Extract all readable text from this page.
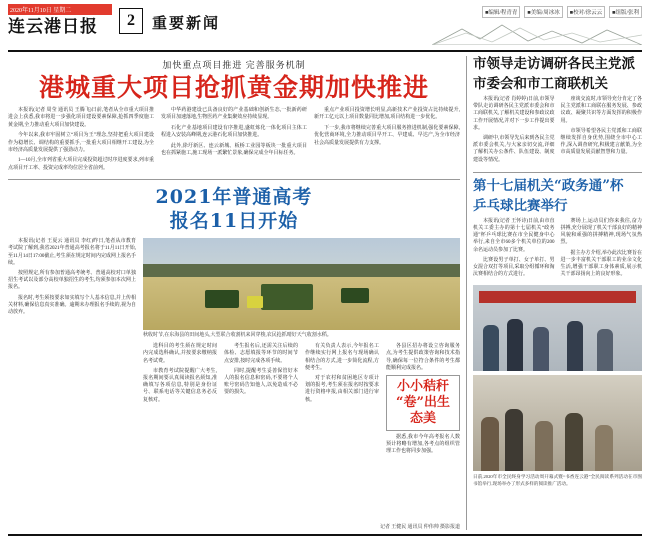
2020年11月10日 星期二
连云港日报	2	重要新闻
■编辑/程青青	■美编/周冰冰	■校对/徐云云	■组版/张利
加快重点项目推进 完善服务机制
港城重大项目抢抓黄金期加快推进

本报讯(记者 周莹 通讯员 王腾飞)日前,笔者从全市重大项目推进会上获悉,我市将进一步强化项目建设要素保障,抢抓四季度施工黄金期,全力推动重大项目加快建设。

今年以来,我市牢固树立“项目为王”理念,坚持把重大项目建设作为稳增长、调结构的重要抓手,一批重大项目相继开工建设,为全市经济高质量发展提供了强劲动力。

1—10月,全市列省重大项目完成投资超过时序进度要求,列市重点项目开工率、投资完成率均位居全省前列。

中华药港建设已具备良好的产业基础和创新生态,一批新药研发项目加速落地,生物医药产业集聚效应持续显现。

石化产业基地项目建设有序推进,盛虹炼化一体化项目主体工程进入安装高峰期,连云港石化项目加快推进。

此外,徐圩新区、连云新城、板桥工业园等板块一批重大项目也在抓紧施工,施工现场一派繁忙景象,确保完成全年目标任务。

重点产业项目投资增长明显,高新技术产业投资占比持续提升,新开工亿元以上项目数量同比增加,项目结构进一步优化。

下一步,我市将继续完善重大项目服务推进机制,强化要素保障,优化营商环境,全力推动项目早开工、早建成、早达产,为全市经济社会高质量发展提供有力支撑。

2021年普通高考
报名11日开始

本报讯(记者 王夏云 通讯员 李红)昨日,笔者从市教育考试院了解到,我省2021年普通高考报名将于11月11日开始,至11月14日17:00截止,考生须在规定时间内完成网上报名手续。

按照规定,所有参加普通高考统考、普通高校对口单独招生考试以及部分高校单独招生的考生,均须参加本次网上报名。

报名时,考生须按要求如实填写个人基本信息,并上传相关材料,确保信息真实准确。逾期未办理报名手续的,视为自动放弃。

秋收时节,在东海县的田间地头,大型联合收割机来回穿梭,农民抢抓晴好天气收割水稻。

选科目的考生须在规定时间内完成选科确认,并按要求缴纳报名考试费。

市教育考试院提醒广大考生,报名期间要认真阅读报名须知,准确填写各项信息,特别是身份证号、联系电话等关键信息务必反复核对。

考生报名后,还需关注后续的体检、志愿填报等环节的时间节点安排,按时完成各项手续。

同时,提醒考生妥善保管好本人的报名信息和密码,不要将个人账号密码告知他人,以免造成不必要的损失。

有关负责人表示,今年报名工作继续实行网上报名与现场确认相结合的方式,进一步简化流程,方便考生。

对于农村和贫困地区专项计划的报考,考生须在报名时按要求进行资格申报,由相关部门进行审核。

各县区招办将设立咨询服务点,为考生提供政策咨询和技术指导,确保每一位符合条件的考生都能顺利完成报名。

小小秸秆
“卷”出生态美

据悉,我市今年高考报名人数预计将略有增加,各考点的组织管理工作也将同步加强。

记者 王健民 通讯员 仲伟帅 摄影报道
市领导走访调研各民主党派
市委会和市工商联机关

本报讯(记者 肖婷婷)日前,市领导带队走访调研各民主党派市委会和市工商联机关,了解机关建设和参政议政工作开展情况,并对下一步工作提出要求。

调研中,市领导先后来到各民主党派市委会机关,与大家亲切交流,详细了解机关办公条件、队伍建设、制度建设等情况。

座谈交流时,市领导充分肯定了各民主党派和工商联在服务发展、参政议政、凝聚共识等方面发挥的积极作用。

市领导希望各民主党派和工商联继续发挥自身优势,围绕全市中心工作,深入调查研究,积极建言献策,为全市高质量发展贡献智慧和力量。

第十七届机关“政务通”杯
乒乓球比赛举行

本报讯(记者 王怀诗)日前,由市直机关工委主办的第十七届机关“政务通”杯乒乓球比赛在市全民健身中心举行,来自全市60多个机关单位的200余名运动员参加了比赛。

比赛设男子单打、女子单打、男女混合双打等项目,采取分组循环和淘汰赛相结合的方式进行。

赛场上,运动员们你来我往,奋力拼搏,充分展现了机关干部良好的精神风貌和顽强的拼搏精神,现场气氛热烈。

据主办方介绍,举办此次比赛旨在进一步丰富机关干部职工的业余文化生活,增强干部职工身体素质,展示机关干部昂扬向上的良好形象。

日前,2020年市全民终身学习活动周开幕式暨“书香连云港”全民阅读系列活动在市图书馆举行,现场举办了形式多样的阅读推广活动。
